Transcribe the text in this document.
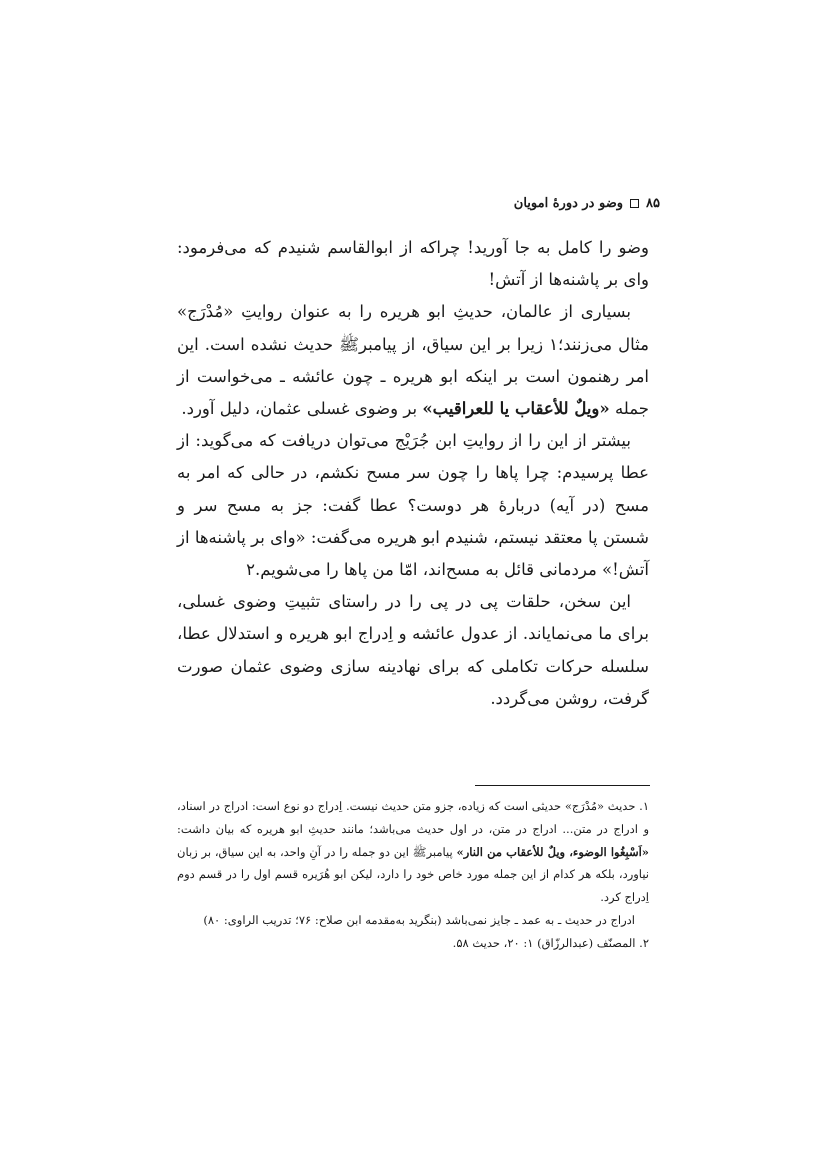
۸۵
وضو در دورهٔ امویان

وضو را کامل به جا آورید! چراکه از ابوالقاسم شنیدم که می‌فرمود: وای بر پاشنه‌ها از آتش!

بسیاری از عالمان، حدیثِ ابو هریره را به عنوان روایتِ «مُدْرَج» مثال می‌زنند؛۱ زیرا بر این سیاق، از پیامبرﷺ حدیث نشده است. این امر رهنمون است بر اینکه ابو هریره ـ چون عائشه ـ می‌خواست از جمله «ویلٌ للأعقاب یا للعراقیب» بر وضوی غسلی عثمان، دلیل آورد.

بیشتر از این را از روایتِ ابن جُرَیْج می‌توان دریافت که می‌گوید: از عطا پرسیدم: چرا پاها را چون سر مسح نکشم، در حالی که امر به مسح (در آیه) دربارهٔ هر دوست؟ عطا گفت: جز به مسح سر و شستن پا معتقد نیستم، شنیدم ابو هریره می‌گفت: «وای بر پاشنه‌ها از آتش!» مردمانی قائل به مسح‌اند، امّا من پاها را می‌شویم.۲

این سخن، حلقات پی در پی را در راستای تثبیتِ وضوی غسلی، برای ما می‌نمایاند. از عدول عائشه و اِدراج ابو هریره و استدلال عطا، سلسله حرکات تکاملی که برای نهادینه سازی وضوی عثمان صورت گرفت، روشن می‌گردد.

۱. حدیث «مُدْرَج» حدیثی است که زیاده، جزو متن حدیث نیست. اِدراج دو نوع است: ادراج در اسناد، و ادراج در متن... ادراج در متن، در اول حدیث می‌باشد؛ مانند حدیثِ ابو هریره که بیان داشت: «اَسْبِغُوا الوضوء، ویلٌ للأعقاب من النار» پیامبرﷺ این دو جمله را در آنِ واحد، به این سیاق، بر زبان نیاورد، بلکه هر کدام از این جمله مورد خاص خود را دارد، لیکن ابو هُرَیره قسم اول را در قسم دوم اِدراج کرد.

ادراج در حدیث ـ به عمد ـ جایز نمی‌باشد (بنگرید به‌مقدمه ابن صلاح: ۷۶؛ تدریب الراوی: ۸۰)

۲. المصنّف (عبدالرزّاق) ۱: ۲۰، حدیث ۵۸.
